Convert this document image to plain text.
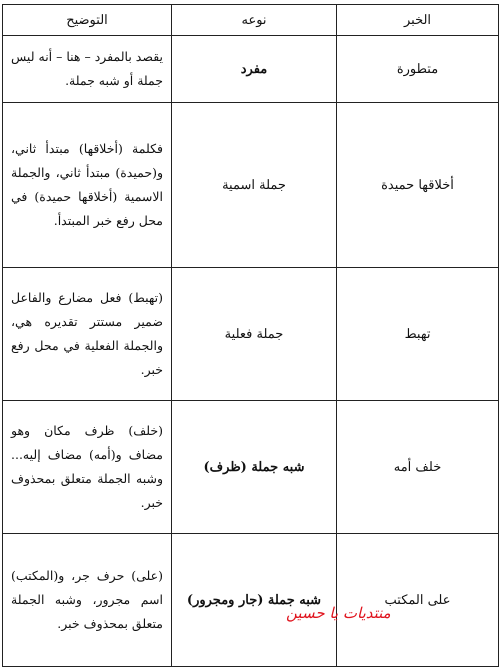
الخبر	نوعه	التوضيح
متطورة	مفرد	يقصد بالمفرد – هنا – أنه ليس جملة أو شبه جملة.
أخلاقها حميدة	جملة اسمية	فكلمة (أخلاقها) مبتدأ ثاني، و(حميدة) مبتدأ ثاني، والجملة الاسمية (أخلاقها حميدة) في محل رفع خبر المبتدأ.
تهبط	جملة فعلية	(تهبط) فعل مضارع والفاعل ضمير مستتر تقديره هي، والجملة الفعلية في محل رفع خبر.
خلف أمه	شبه جملة (ظرف)	(خلف) ظرف مكان وهو مضاف و(أمه) مضاف إليه... وشبه الجملة متعلق بمحذوف خبر.
على المكتب	شبه جملة (جار ومجرور)	(على) حرف جر، و(المكتب) اسم مجرور، وشبه الجملة متعلق بمحذوف خبر.
منتديات يا حسين
